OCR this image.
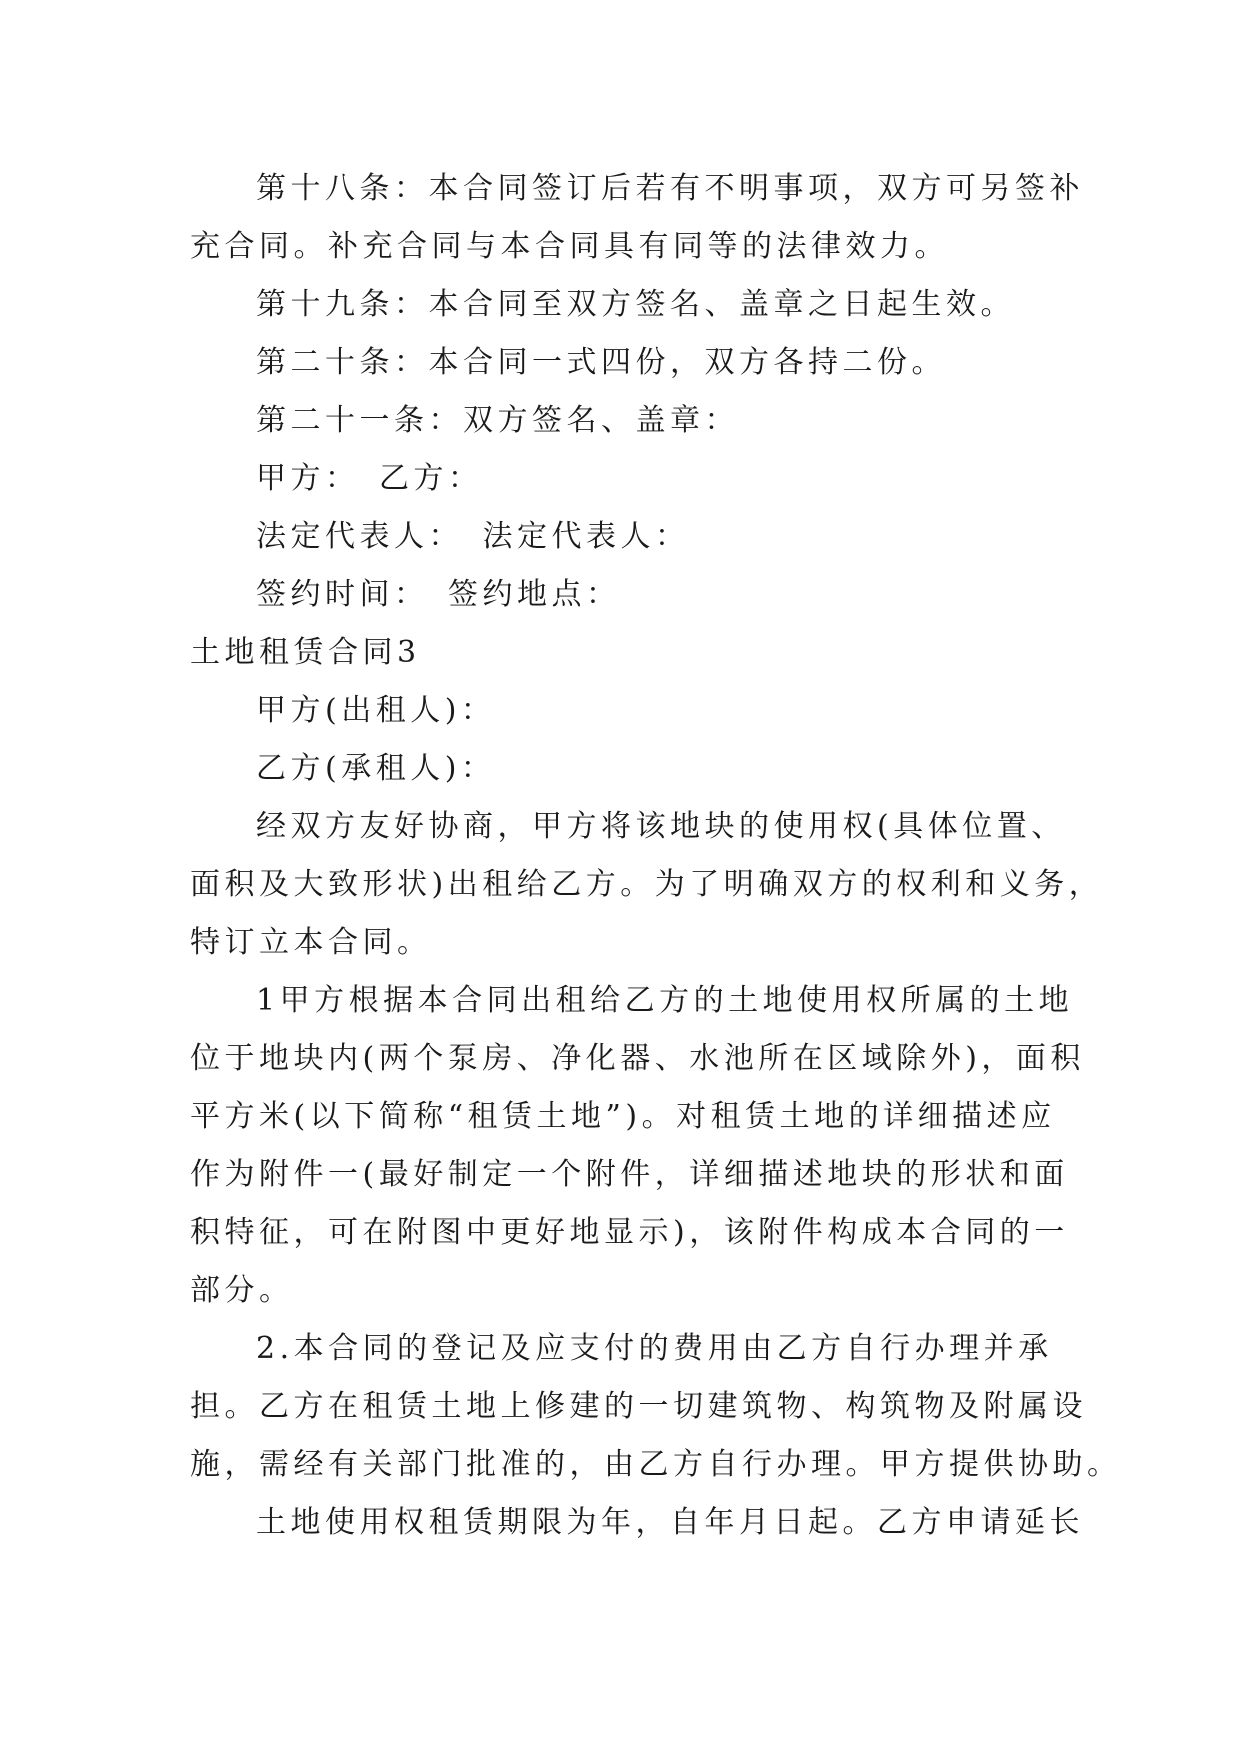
第十八条：本合同签订后若有不明事项，双方可另签补
充合同。补充合同与本合同具有同等的法律效力。
第十九条：本合同至双方签名、盖章之日起生效。
第二十条：本合同一式四份，双方各持二份。
第二十一条：双方签名、盖章：
甲方：　乙方：
法定代表人：　法定代表人：
签约时间：　签约地点：
土地租赁合同3
甲方(出租人)：
乙方(承租人)：
经双方友好协商，甲方将该地块的使用权(具体位置、
面积及大致形状)出租给乙方。为了明确双方的权利和义务，
特订立本合同。
1甲方根据本合同出租给乙方的土地使用权所属的土地
位于地块内(两个泵房、净化器、水池所在区域除外)，面积
平方米(以下简称“租赁土地”)。对租赁土地的详细描述应
作为附件一(最好制定一个附件，详细描述地块的形状和面
积特征，可在附图中更好地显示)，该附件构成本合同的一
部分。
2.本合同的登记及应支付的费用由乙方自行办理并承
担。乙方在租赁土地上修建的一切建筑物、构筑物及附属设
施，需经有关部门批准的，由乙方自行办理。甲方提供协助。
土地使用权租赁期限为年，自年月日起。乙方申请延长
